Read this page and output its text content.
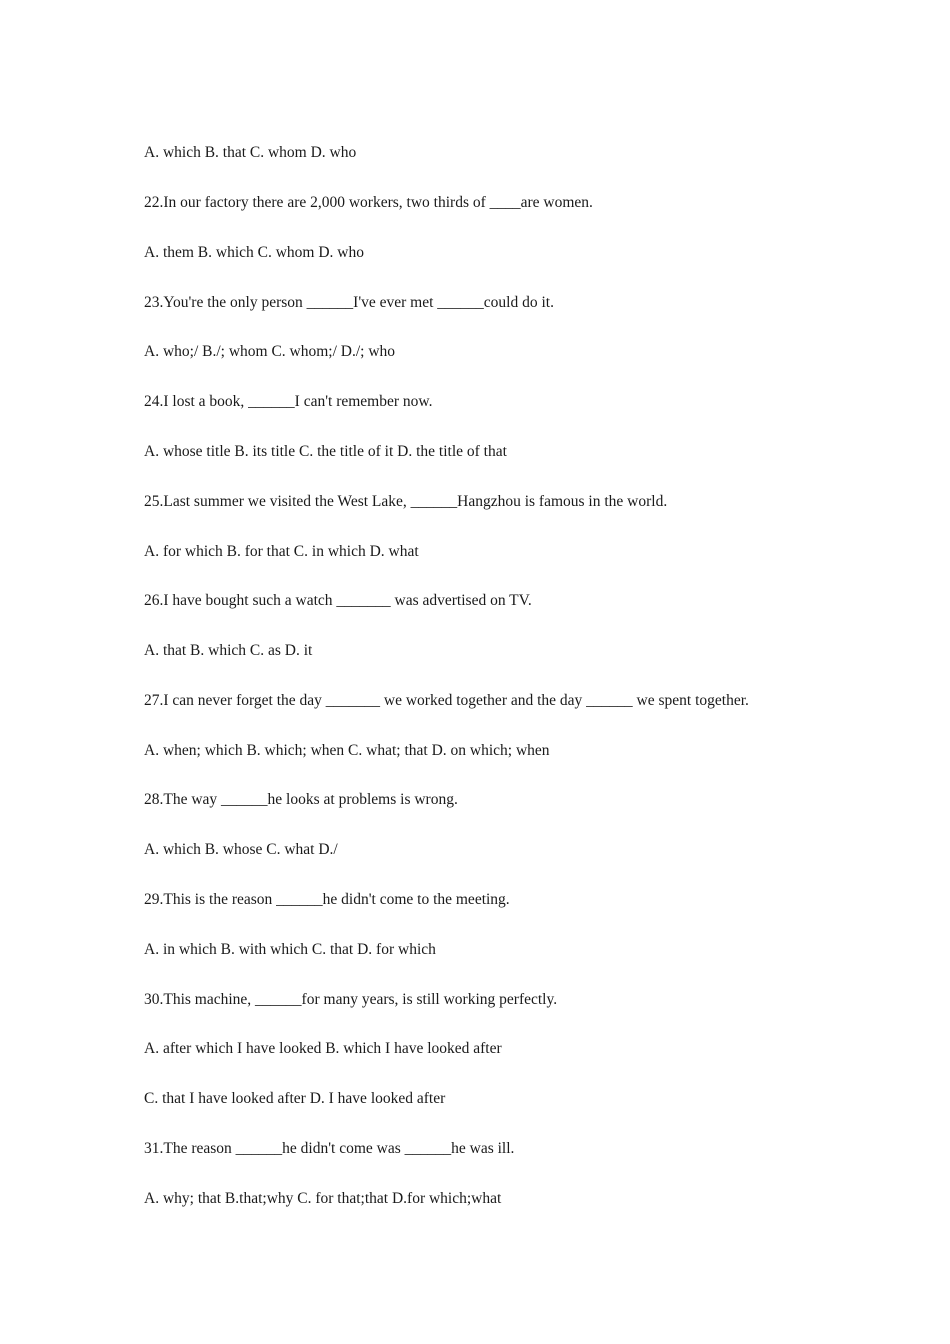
A. which B. that C. whom D. who
22.In our factory there are 2,000 workers, two thirds of ____are women.
A. them B. which C. whom D. who
23.You're the only person ______I've ever met ______could do it.
A. who;/ B./; whom C. whom;/ D./; who
24.I lost a book, ______I can't remember now.
A. whose title B. its title C. the title of it D. the title of that
25.Last summer we visited the West Lake, ______Hangzhou is famous in the world.
A. for which B. for that C. in which D. what
26.I have bought such a watch _______ was advertised on TV.
A. that B. which C. as D. it
27.I can never forget the day _______ we worked together and the day ______ we spent together.
A. when; which B. which; when C. what; that D. on which; when
28.The way ______he looks at problems is wrong.
A. which B. whose C. what D./
29.This is the reason ______he didn't come to the meeting.
A. in which B. with which C. that D. for which
30.This machine, ______for many years, is still working perfectly.
A. after which I have looked B. which I have looked after
C. that I have looked after D. I have looked after
31.The reason ______he didn't come was ______he was ill.
A. why; that B.that;why C. for that;that D.for which;what
